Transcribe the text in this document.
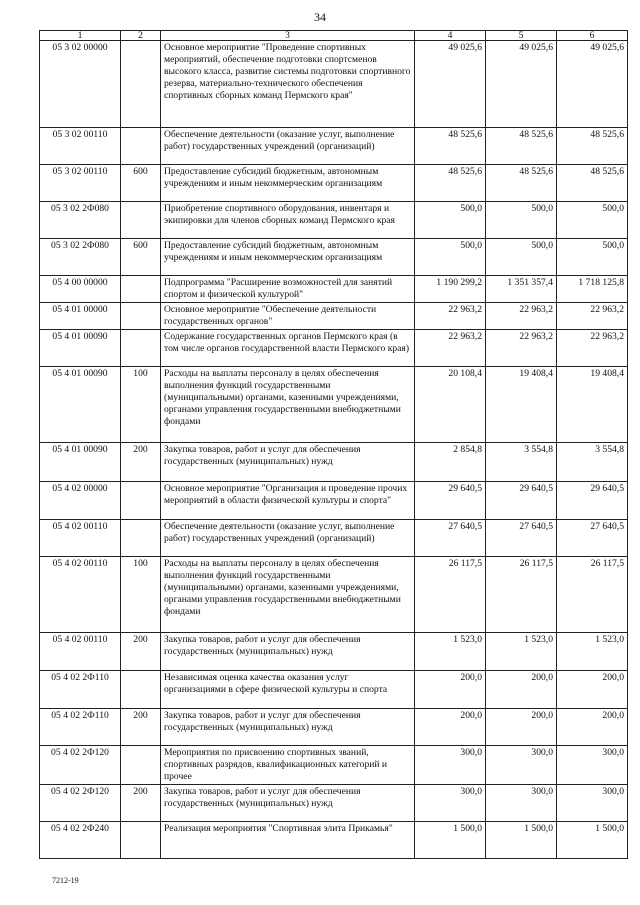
34
1	2	3	4	5	6
05 3 02 00000		Основное мероприятие "Проведение спортивных мероприятий, обеспечение подготовки спортсменов высокого класса, развитие системы подготовки спортивного резерва, материально-технического обеспечения спортивных сборных команд Пермского края"	49 025,6	49 025,6	49 025,6
05 3 02 00110		Обеспечение деятельности (оказание услуг, выполнение работ) государственных учреждений (организаций)	48 525,6	48 525,6	48 525,6
05 3 02 00110	600	Предоставление субсидий бюджетным, автономным учреждениям и иным некоммерческим организациям	48 525,6	48 525,6	48 525,6
05 3 02 2Ф080		Приобретение спортивного оборудования, инвентаря и экипировки для членов сборных команд Пермского края	500,0	500,0	500,0
05 3 02 2Ф080	600	Предоставление субсидий бюджетным, автономным учреждениям и иным некоммерческим организациям	500,0	500,0	500,0
05 4 00 00000		Подпрограмма "Расширение возможностей для занятий спортом и физической культурой"	1 190 299,2	1 351 357,4	1 718 125,8
05 4 01 00000		Основное мероприятие "Обеспечение деятельности государственных органов"	22 963,2	22 963,2	22 963,2
05 4 01 00090		Содержание государственных органов Пермского края (в том числе органов государственной власти Пермского края)	22 963,2	22 963,2	22 963,2
05 4 01 00090	100	Расходы на выплаты персоналу в целях обеспечения выполнения функций государственными (муниципальными) органами, казенными учреждениями, органами управления государственными внебюджетными фондами	20 108,4	19 408,4	19 408,4
05 4 01 00090	200	Закупка товаров, работ и услуг для обеспечения государственных (муниципальных) нужд	2 854,8	3 554,8	3 554,8
05 4 02 00000		Основное мероприятие "Организация и проведение прочих мероприятий в области физической культуры и спорта"	29 640,5	29 640,5	29 640,5
05 4 02 00110		Обеспечение деятельности (оказание услуг, выполнение работ) государственных учреждений (организаций)	27 640,5	27 640,5	27 640,5
05 4 02 00110	100	Расходы на выплаты персоналу в целях обеспечения выполнения функций государственными (муниципальными) органами, казенными учреждениями, органами управления государственными внебюджетными фондами	26 117,5	26 117,5	26 117,5
05 4 02 00110	200	Закупка товаров, работ и услуг для обеспечения государственных (муниципальных) нужд	1 523,0	1 523,0	1 523,0
05 4 02 2Ф110		Независимая оценка качества оказания услуг организациями в сфере физической культуры и спорта	200,0	200,0	200,0
05 4 02 2Ф110	200	Закупка товаров, работ и услуг для обеспечения государственных (муниципальных) нужд	200,0	200,0	200,0
05 4 02 2Ф120		Мероприятия по присвоению спортивных званий, спортивных разрядов, квалификационных категорий и прочее	300,0	300,0	300,0
05 4 02 2Ф120	200	Закупка товаров, работ и услуг для обеспечения государственных (муниципальных) нужд	300,0	300,0	300,0
05 4 02 2Ф240		Реализация мероприятия "Спортивная элита Прикамья"	1 500,0	1 500,0	1 500,0
7212-19
